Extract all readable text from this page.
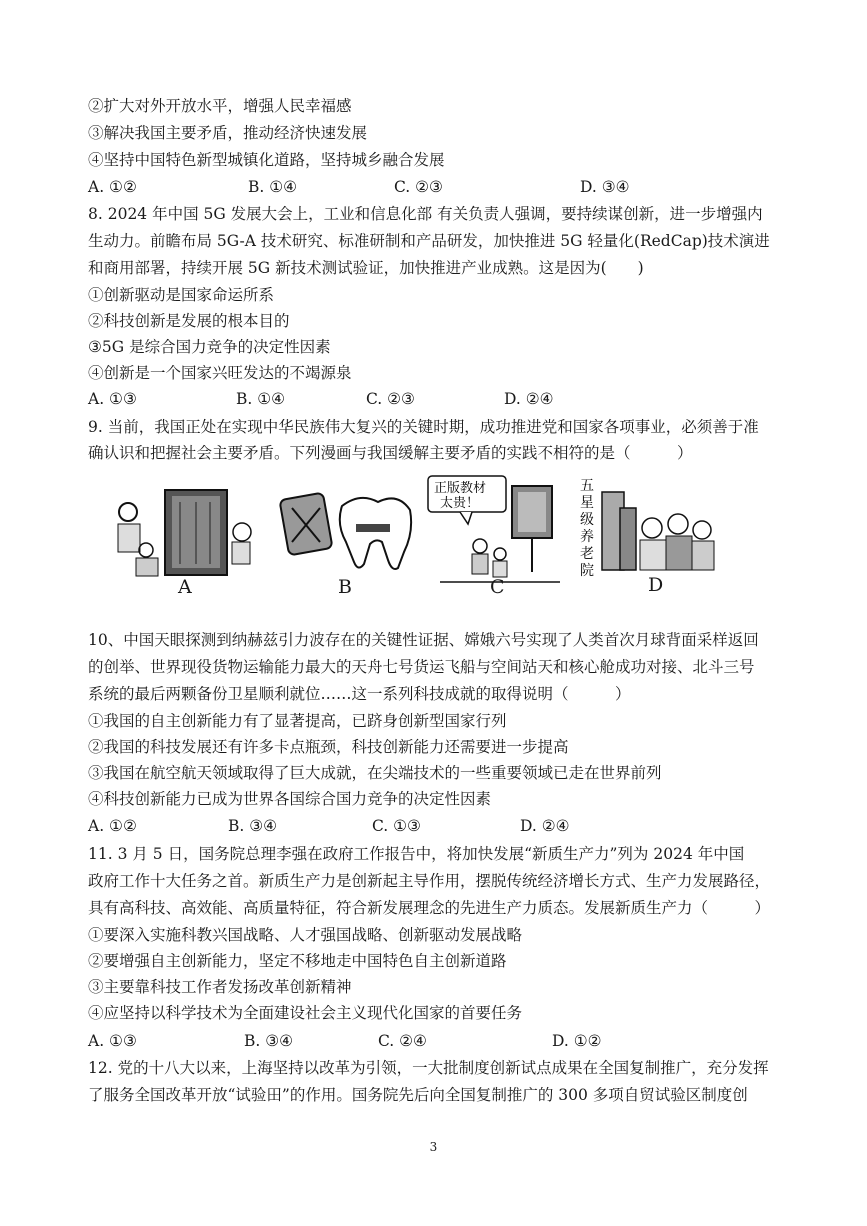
②扩大对外开放水平，增强人民幸福感
③解决我国主要矛盾，推动经济快速发展
④坚持中国特色新型城镇化道路，坚持城乡融合发展
A. ①②	B. ①④	C. ②③	D. ③④
8. 2024 年中国 5G 发展大会上，工业和信息化部 有关负责人强调，要持续谋创新，进一步增强内
生动力。前瞻布局 5G-A 技术研究、标准研制和产品研发，加快推进 5G 轻量化(RedCap)技术演进
和商用部署，持续开展 5G 新技术测试验证，加快推进产业成熟。这是因为(　　)
①创新驱动是国家命运所系
②科技创新是发展的根本目的
③5G 是综合国力竞争的决定性因素
④创新是一个国家兴旺发达的不竭源泉
A. ①③	B. ①④	C. ②③	D. ②④
9. 当前，我国正处在实现中华民族伟大复兴的关键时期，成功推进党和国家各项事业，必须善于准
确认识和把握社会主要矛盾。下列漫画与我国缓解主要矛盾的实践不相符的是（　　　）
正版教材
太贵！
五
星
级
养
老
院
A	B	C	D
10、中国天眼探测到纳赫兹引力波存在的关键性证据、嫦娥六号实现了人类首次月球背面采样返回
的创举、世界现役货物运输能力最大的天舟七号货运飞船与空间站天和核心舱成功对接、北斗三号
系统的最后两颗备份卫星顺利就位……这一系列科技成就的取得说明（　　　）
①我国的自主创新能力有了显著提高，已跻身创新型国家行列
②我国的科技发展还有许多卡点瓶颈，科技创新能力还需要进一步提高
③我国在航空航天领域取得了巨大成就，在尖端技术的一些重要领域已走在世界前列
④科技创新能力已成为世界各国综合国力竞争的决定性因素
A. ①②	B. ③④	C. ①③	D. ②④
11. 3 月 5 日，国务院总理李强在政府工作报告中，将加快发展“新质生产力”列为 2024 年中国
政府工作十大任务之首。新质生产力是创新起主导作用，摆脱传统经济增长方式、生产力发展路径，
具有高科技、高效能、高质量特征，符合新发展理念的先进生产力质态。发展新质生产力（　　　）
①要深入实施科教兴国战略、人才强国战略、创新驱动发展战略
②要增强自主创新能力，坚定不移地走中国特色自主创新道路
③主要靠科技工作者发扬改革创新精神
④应坚持以科学技术为全面建设社会主义现代化国家的首要任务
A. ①③	B. ③④	C. ②④	D. ①②
12. 党的十八大以来，上海坚持以改革为引领，一大批制度创新试点成果在全国复制推广，充分发挥
了服务全国改革开放“试验田”的作用。国务院先后向全国复制推广的 300 多项自贸试验区制度创
3
